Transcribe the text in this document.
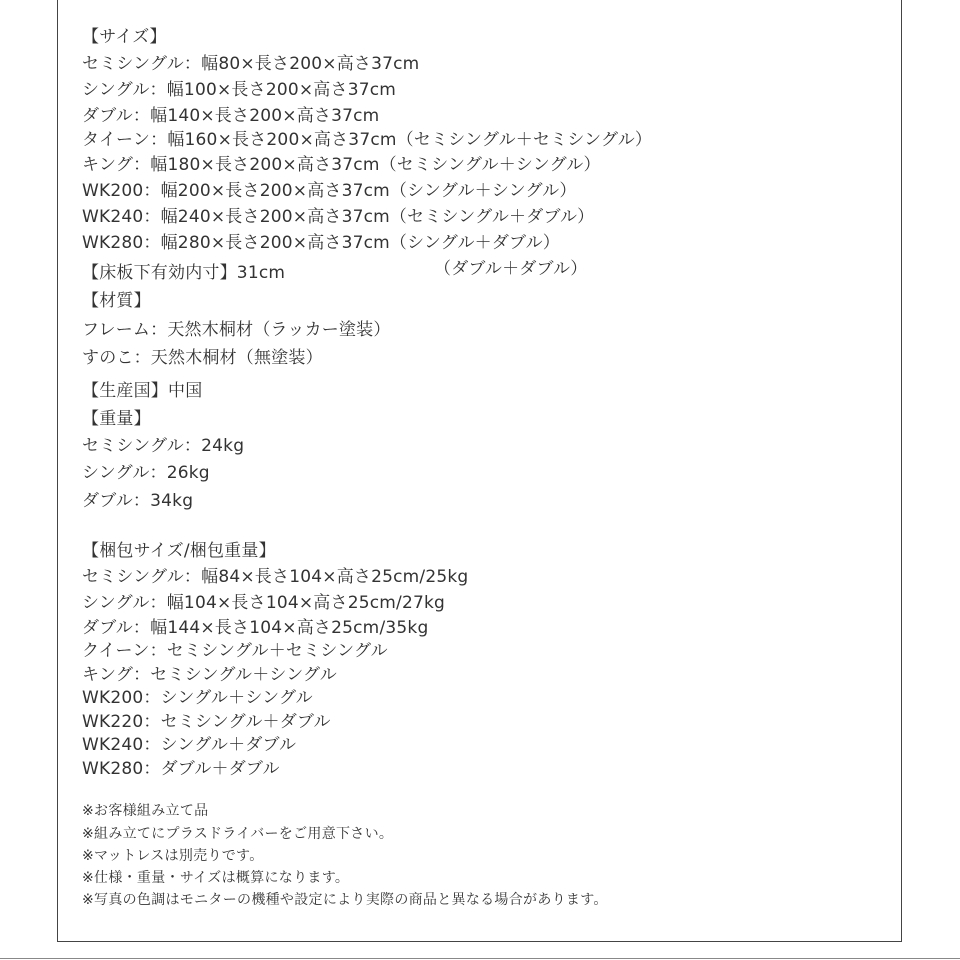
【サイズ】
セミシングル：幅80×長さ200×高さ37cm
シングル：幅100×長さ200×高さ37cm
ダブル：幅140×長さ200×高さ37cm
タイーン：幅160×長さ200×高さ37cm（セミシングル＋セミシングル）
キング：幅180×長さ200×高さ37cm（セミシングル＋シングル）
WK200：幅200×長さ200×高さ37cm（シングル＋シングル）
WK240：幅240×長さ200×高さ37cm（セミシングル＋ダブル）
WK280：幅280×長さ200×高さ37cm（シングル＋ダブル）
（ダブル＋ダブル）
【床板下有効内寸】31cm
【材質】
フレーム：天然木桐材（ラッカー塗装）
すのこ：天然木桐材（無塗装）
【生産国】中国
【重量】
セミシングル：24kg
シングル：26kg
ダブル：34kg
【梱包サイズ/梱包重量】
セミシングル：幅84×長さ104×高さ25cm/25kg
シングル：幅104×長さ104×高さ25cm/27kg
ダブル：幅144×長さ104×高さ25cm/35kg
クイーン：セミシングル＋セミシングル
キング：セミシングル＋シングル
WK200：シングル＋シングル
WK220：セミシングル＋ダブル
WK240：シングル＋ダブル
WK280：ダブル＋ダブル
※お客様組み立て品
※組み立てにプラスドライバーをご用意下さい。
※マットレスは別売りです。
※仕様・重量・サイズは概算になります。
※写真の色調はモニターの機種や設定により実際の商品と異なる場合があります。
